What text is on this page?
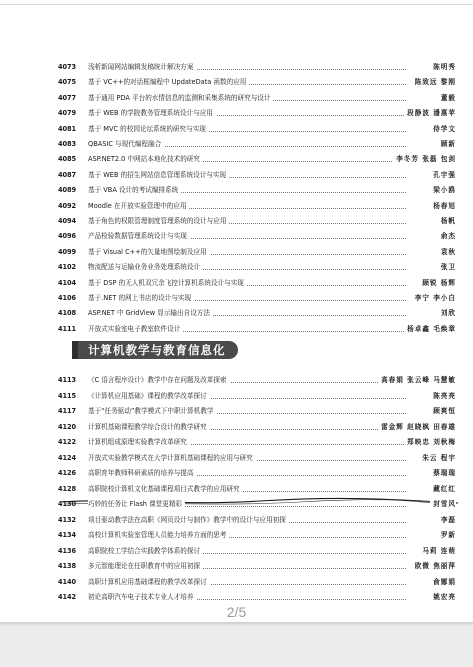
4073	浅析新闻网站编辑发稿统计解决方案	陈明秀
4075	基于 VC++的对话框编程中 UpdateData 函数的应用	陈致远 黎刚
4077	基于通用 PDA 平台的水情信息的监测和采集系统的研究与设计	董毅
4079	基于 WEB 的学院教务管理系统设计与应用	段静波 潘惠苹
4081	基于 MVC 的校园论坛系统的研究与实现	侍学文
4083	QBASIC 与现代编程融合	顾新
4085	ASP.NET2.0 中网站本地化技术的研究	李冬芳 张磊 包剑
4087	基于 WEB 的招生网站信息管理系统设计与实现	孔宇强
4089	基于 VBA 设计的考试编排系统	梁小鸥
4092	Moodle 在开放实验管理中的应用	杨春旭
4094	基于角色的权限管理制度管理系统的设计与应用	杨帆
4096	产品检验数据管理系统设计与实现	俞杰
4099	基于 Visual C++的矢量地图绘制及应用	袁秋
4102	物流配送与运输业务业务处理系统设计	张卫
4104	基于 DSP 的无人机双冗余飞控计算机系统设计与实现	顾锐 杨辉
4106	基于.NET 的网上书店的设计与实现	李宁 李小白
4108	ASP.NET 中 GridView 显示输出自设方法	刘欣
4111	开放式实验室电子教室软件设计	杨卓鑫 毛焕章
计算机教学与教育信息化
4113	《C 语言程序设计》教学中存在问题及改革探索	高春娟 张云峰 马慧敏
4115	《计算机应用基础》课程的教学改革探讨	陈亮亮
4117	基于“任务驱动”教学模式下中职计算机教学	顾爽恒
4120	计算机基础课程教学综合设计的教学研究	雷金辉 赵晓枫 田春雄
4122	计算机组成原理实验教学改革研究	郑映忠 刘秋梅
4124	开放式实验教学模式在大学计算机基础课程的应用与研究	朱云 程宇
4126	高职育年教师科研素质的培养与提高	蔡瑞瑞
4128	高职院校计算机文化基础课程项目式教学的应用研究	藏红红
4130	巧妙的任务让 Flash 课堂更精彩	封雪风
4132	项目驱动教学法在高职《网页设计与制作》教学中的设计与应用初探	李磊
4134	高校计算机实验室管理人员能力培养方面的思考	罗新
4136	高职院校工学结合实践教学体系的探讨	马莉 连萌
4138	多元智能理论在任职教育中的应用初探	欧微 焦丽萍
4140	高职计算机应用基础课程的教学改革探讨	俞娜娟
4142	初论高职汽车电子技术专业人才培养	姚宏亮
2/5
